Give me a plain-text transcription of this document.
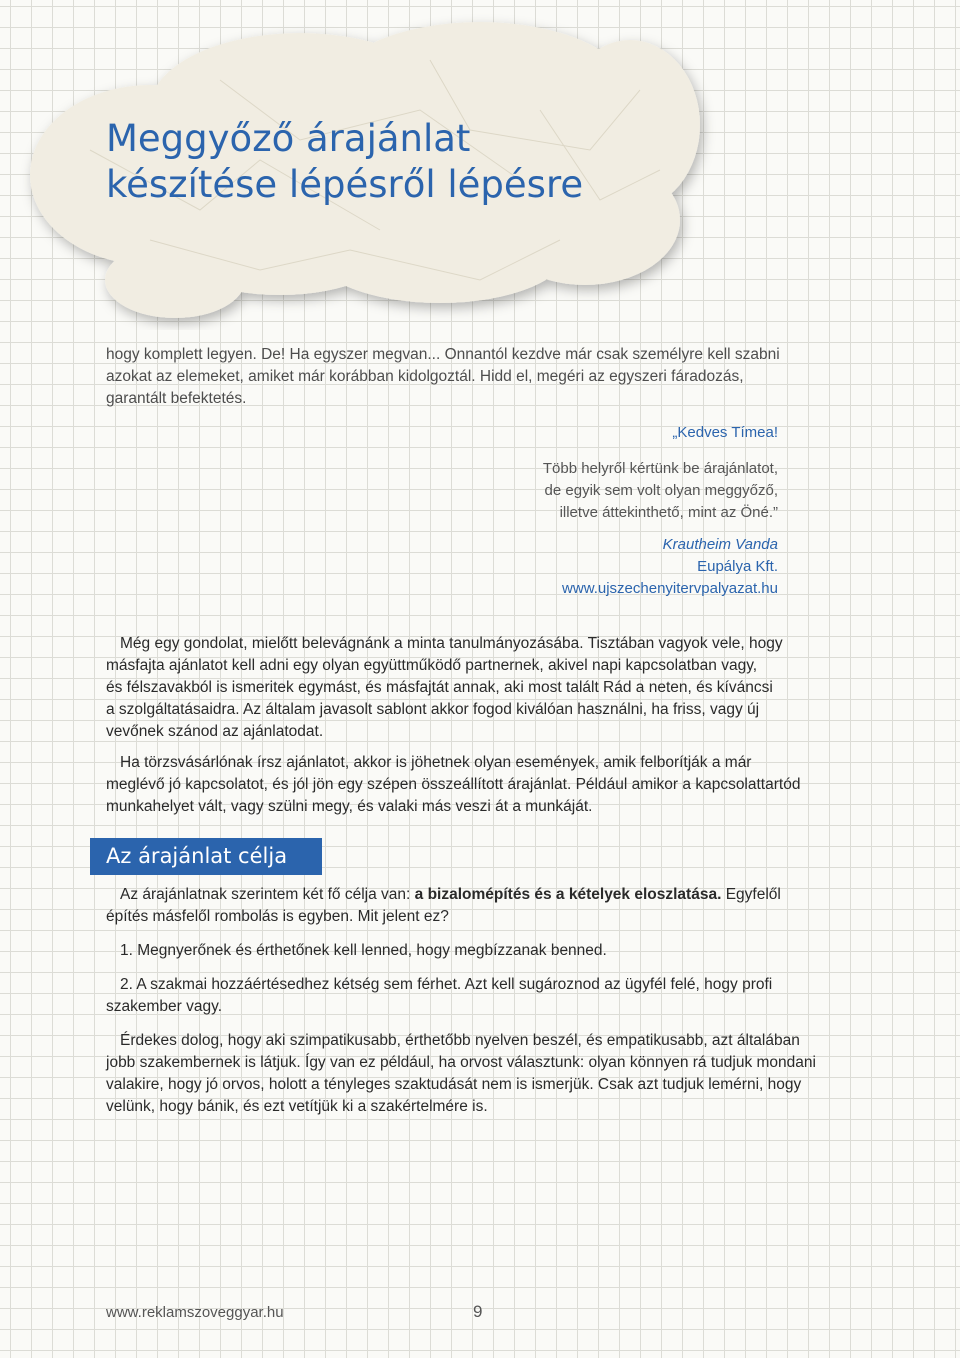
Meggyőző árajánlat
készítése lépésről lépésre

hogy komplett legyen. De! Ha egyszer megvan... Onnantól kezdve már csak személyre kell szabni
azokat az elemeket, amiket már korábban kidolgoztál. Hidd el, megéri az egyszeri fáradozás,
garantált befektetés.

„Kedves Tímea!

Több helyről kértünk be árajánlatot,
de egyik sem volt olyan meggyőző,
illetve áttekinthető, mint az Öné.”
Krautheim Vanda
Eupálya Kft.
www.ujszechenyitervpalyazat.hu

Még egy gondolat, mielőtt belevágnánk a minta tanulmányozásába. Tisztában vagyok vele, hogy
másfajta ajánlatot kell adni egy olyan együttműködő partnernek, akivel napi kapcsolatban vagy,
és félszavakból is ismeritek egymást, és másfajtát annak, aki most talált Rád a neten, és kíváncsi
a szolgáltatásaidra. Az általam javasolt sablont akkor fogod kiválóan használni, ha friss, vagy új
vevőnek szánod az ajánlatodat.

Ha törzsvásárlónak írsz ajánlatot, akkor is jöhetnek olyan események, amik felborítják a már
meglévő jó kapcsolatot, és jól jön egy szépen összeállított árajánlat. Például amikor a kapcsolattartód
munkahelyet vált, vagy szülni megy, és valaki más veszi át a munkáját.

Az árajánlat célja

Az árajánlatnak szerintem két fő célja van: a bizalomépítés és a kételyek eloszlatása. Egyfelől
építés másfelől rombolás is egyben. Mit jelent ez?

1. Megnyerőnek és érthetőnek kell lenned, hogy megbízzanak benned.

2. A szakmai hozzáértésedhez kétség sem férhet. Azt kell sugároznod az ügyfél felé, hogy profi
szakember vagy.

Érdekes dolog, hogy aki szimpatikusabb, érthetőbb nyelven beszél, és empatikusabb, azt általában
jobb szakembernek is látjuk. Így van ez például, ha orvost választunk: olyan könnyen rá tudjuk mondani
valakire, hogy jó orvos, holott a tényleges szaktudását nem is ismerjük. Csak azt tudjuk lemérni, hogy
velünk, hogy bánik, és ezt vetítjük ki a szakértelmére is.

www.reklamszoveggyar.hu	9
